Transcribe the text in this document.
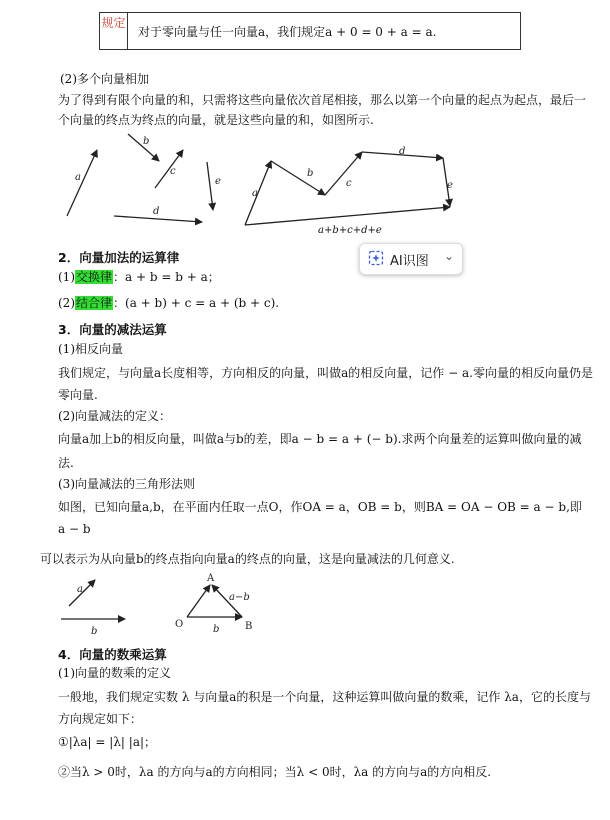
规定
对于零向量与任一向量a，我们规定a + 0 = 0 + a = a.
(2)多个向量相加
为了得到有限个向量的和，只需将这些向量依次首尾相接，那么以第一个向量的起点为起点，最后一
个向量的终点为终点的向量，就是这些向量的和，如图所示.
a
b
c
d
e
a
b
c
d
e
a+b+c+d+e
2．向量加法的运算律
(1)交换律：a + b = b + a；
(2)结合律：(a + b) + c = a + (b + c).
AI识图 ⌄
3．向量的减法运算
(1)相反向量
我们规定，与向量a长度相等，方向相反的向量，叫做a的相反向量，记作 − a.零向量的相反向量仍是
零向量.
(2)向量减法的定义：
向量a加上b的相反向量，叫做a与b的差，即a − b = a + (− b).求两个向量差的运算叫做向量的减
法.
(3)向量减法的三角形法则
如图，已知向量a,b，在平面内任取一点O，作OA = a，OB = b，则BA = OA − OB = a − b,即
a − b
可以表示为从向量b的终点指向向量a的终点的向量，这是向量减法的几何意义.
a
b
A
a−b
O	b	B
4．向量的数乘运算
(1)向量的数乘的定义
一般地，我们规定实数 λ 与向量a的积是一个向量，这种运算叫做向量的数乘，记作 λa，它的长度与
方向规定如下：
①|λa| = |λ| |a|；
②当λ > 0时，λa 的方向与a的方向相同；当λ < 0时，λa 的方向与a的方向相反.
